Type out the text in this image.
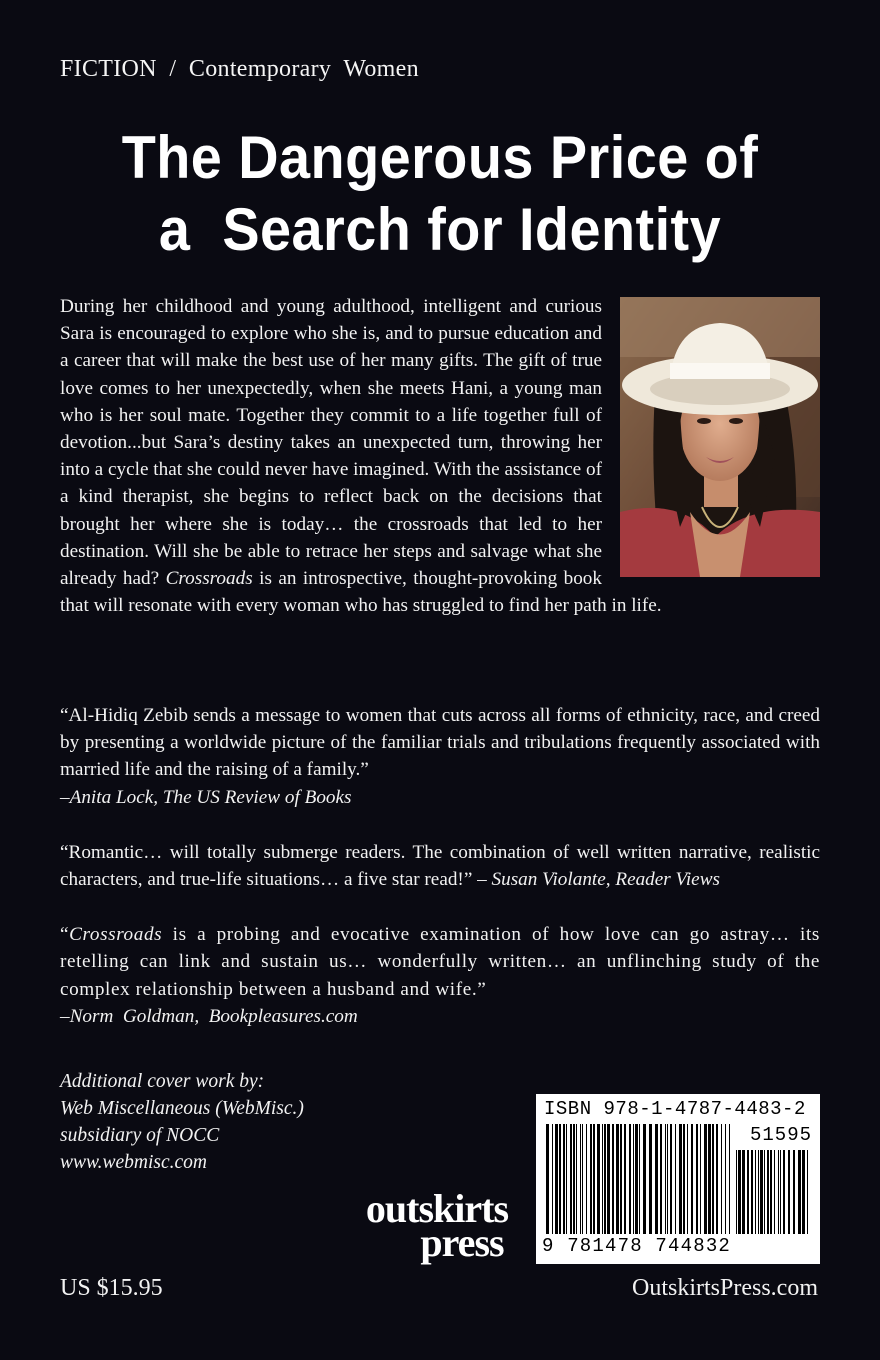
FICTION  /  Contemporary  Women
The Dangerous Price of
a  Search for Identity
During her childhood and young adulthood, intelligent and curious Sara is encouraged to explore who she is, and to pursue education and a career that will make the best use of her many gifts. The gift of true love comes to her unexpectedly, when she meets Hani, a young man who is her soul mate. Together they commit to a life together full of devotion...but Sara’s destiny takes an unexpected turn, throwing her into a cycle that she could never have imagined. With the assistance of a kind therapist, she begins to reflect back on the decisions that brought her where she is today… the crossroads that led to her destination. Will she be able to retrace her steps and salvage what she already had? Crossroads is an introspective, thought-provoking book that will resonate with every woman who has struggled to find her path in life.

“Al-Hidiq Zebib sends a message to women that cuts across all forms of ethnicity, race, and creed by presenting a worldwide picture of the familiar trials and tribulations frequently associated with married life and the raising of a family.”
–Anita Lock, The US Review of Books

“Romantic… will totally submerge readers. The combination of well written narrative, realistic characters, and true-life situations… a five star read!” – Susan Violante, Reader Views

“Crossroads is a probing and evocative examination of how love can go astray… its retelling can link and sustain us… wonderfully written… an unflinching study of the complex relationship between a husband and wife.”
–Norm  Goldman,  Bookpleasures.com

Additional cover work by:
Web Miscellaneous (WebMisc.)
subsidiary of NOCC
www.webmisc.com
outskirts
press
ISBN 978-1-4787-4483-2
51595
9 781478 744832
US $15.95	OutskirtsPress.com
